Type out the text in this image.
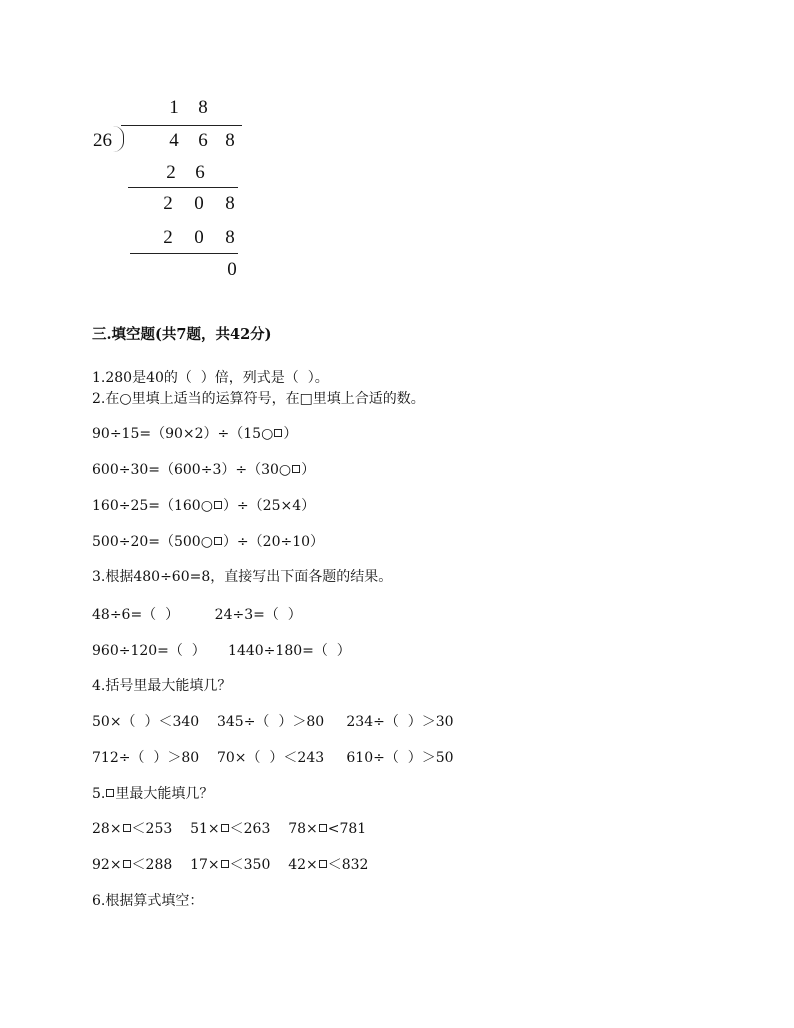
1 8
26	4 6 8
2 6
2 0 8
2 0 8
0
三.填空题(共7题，共42分)
1.280是40的（  ）倍，列式是（  ）。
2.在○里填上适当的运算符号，在□里填上合适的数。
90÷15=（90×2）÷（15○ ）
600÷30=（600÷3）÷（30○ ）
160÷25=（160○ ）÷（25×4）
500÷20=（500○ ）÷（20÷10）
3.根据480÷60=8，直接写出下面各题的结果。
48÷6=（  ）        24÷3=（  ）
960÷120=（  ）     1440÷180=（  ）
4.括号里最大能填几？
50×（  ）＜340    345÷（  ）＞80     234÷（  ）＞30
712÷（  ）＞80    70×（  ）＜243     610÷（  ）＞50
5. 里最大能填几？
28× ＜253 51× ＜263 78× <781
92× ＜288 17× ＜350 42× ＜832
6.根据算式填空：
